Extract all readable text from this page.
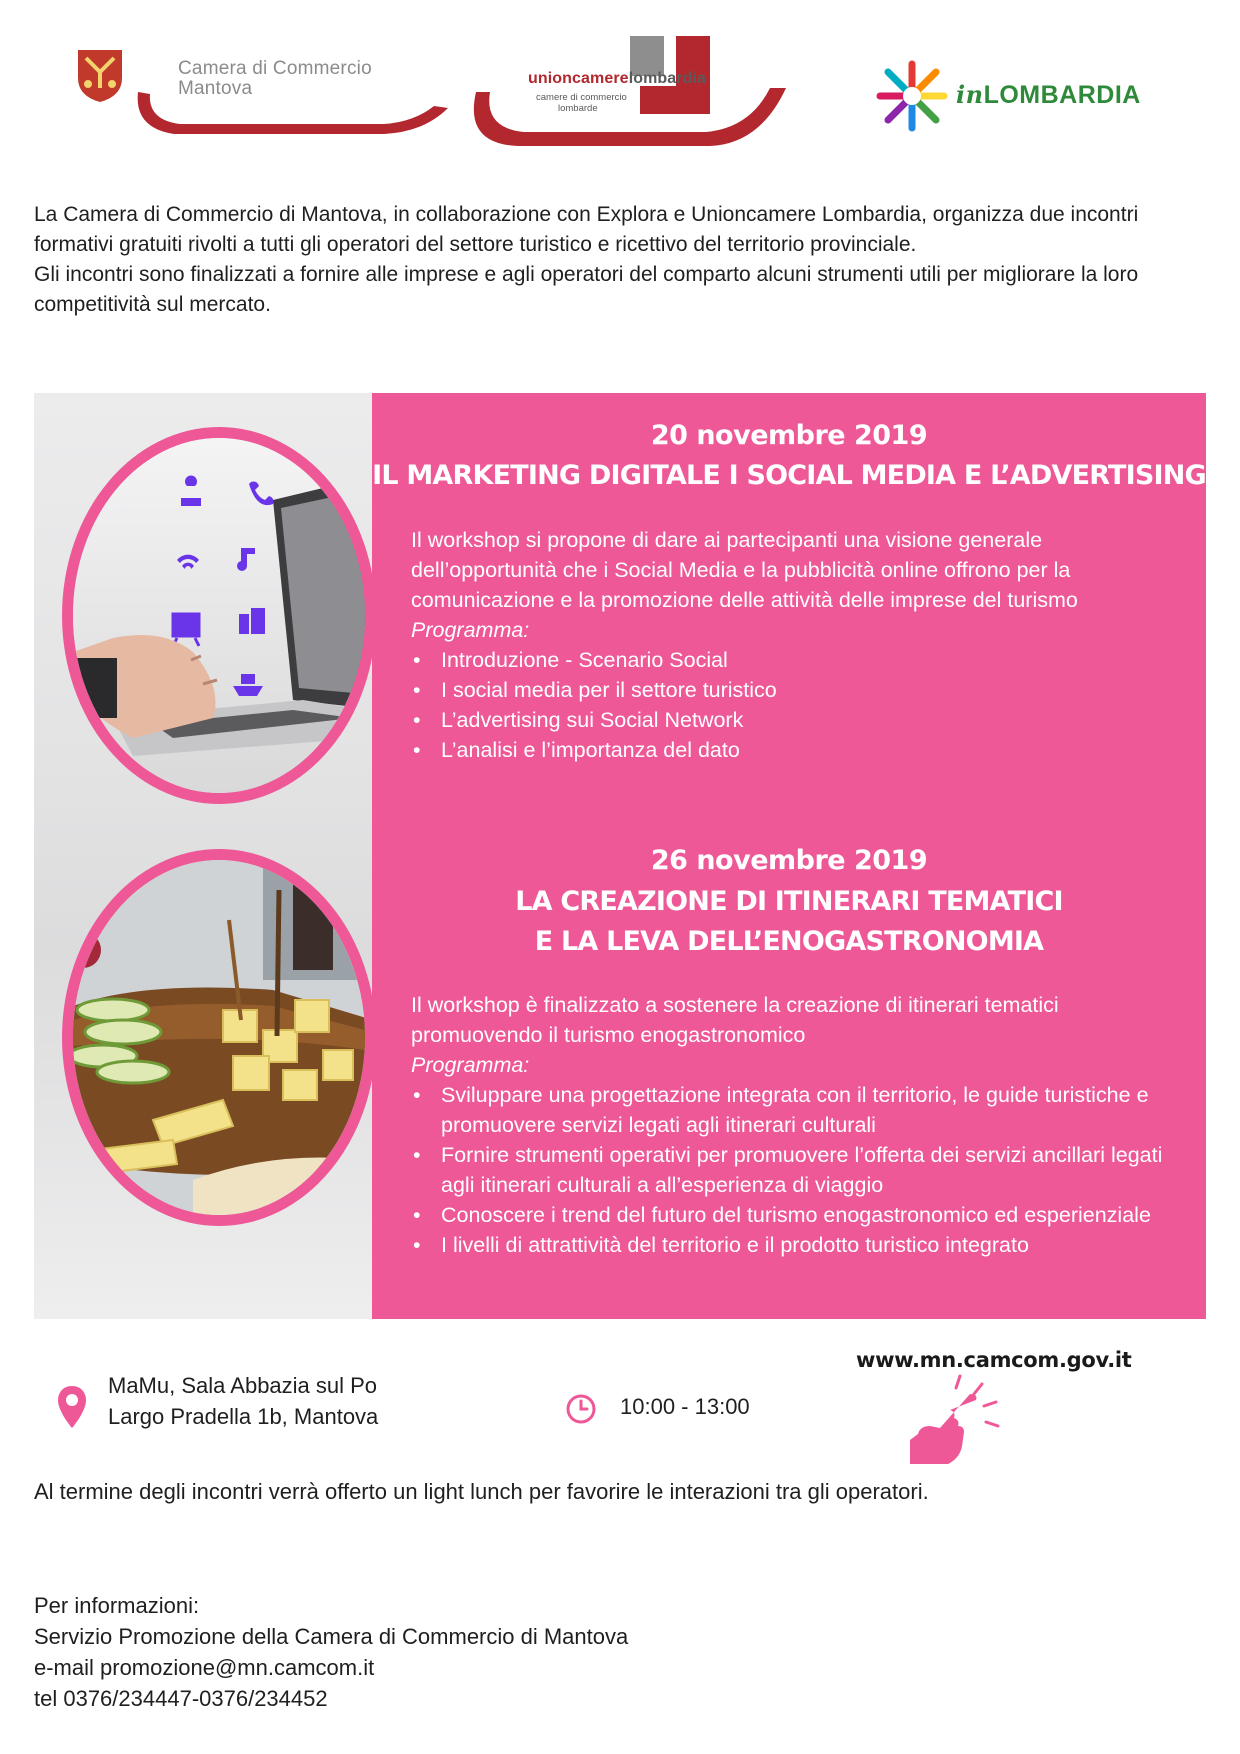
Camera di Commercio
Mantova	unioncamerelombardia
camere di commercio
lombarde	inLOMBARDIA

La Camera di Commercio di Mantova, in collaborazione con Explora e Unioncamere Lombardia, organizza due incontri formativi gratuiti rivolti a tutti gli operatori del settore turistico e ricettivo del territorio provinciale.

Gli incontri sono finalizzati a fornire alle imprese e agli operatori del comparto alcuni strumenti utili per migliorare la loro competitività sul mercato.

20 novembre 2019
IL MARKETING DIGITALE I SOCIAL MEDIA E L’ADVERTISING

Il workshop si propone di dare ai partecipanti una visione generale dell’opportunità che i Social Media e la pubblicità online offrono per la comunicazione e la promozione delle attività delle imprese del turismo

Programma:

• Introduzione - Scenario Social
• I social media per il settore turistico
• L’advertising sui Social Network
• L’analisi e l’importanza del dato
26 novembre 2019
LA CREAZIONE DI ITINERARI TEMATICI
E LA LEVA DELL’ENOGASTRONOMIA

Il workshop è finalizzato a sostenere la creazione di itinerari tematici promuovendo il turismo enogastronomico

Programma:

• Sviluppare una progettazione integrata con il territorio, le guide turistiche e promuovere servizi legati agli itinerari culturali
• Fornire strumenti operativi per promuovere l’offerta dei servizi ancillari legati agli itinerari culturali a all’esperienza di viaggio
• Conoscere i trend del futuro del turismo enogastronomico ed esperienziale
• I livelli di attrattività del territorio e il prodotto turistico integrato
MaMu, Sala Abbazia sul Po
Largo Pradella 1b, Mantova	10:00 - 13:00
www.mn.camcom.gov.it
Al termine degli incontri verrà offerto un light lunch per favorire le interazioni tra gli operatori.
Per informazioni:
Servizio Promozione della Camera di Commercio di Mantova
e-mail promozione@mn.camcom.it
tel 0376/234447-0376/234452
